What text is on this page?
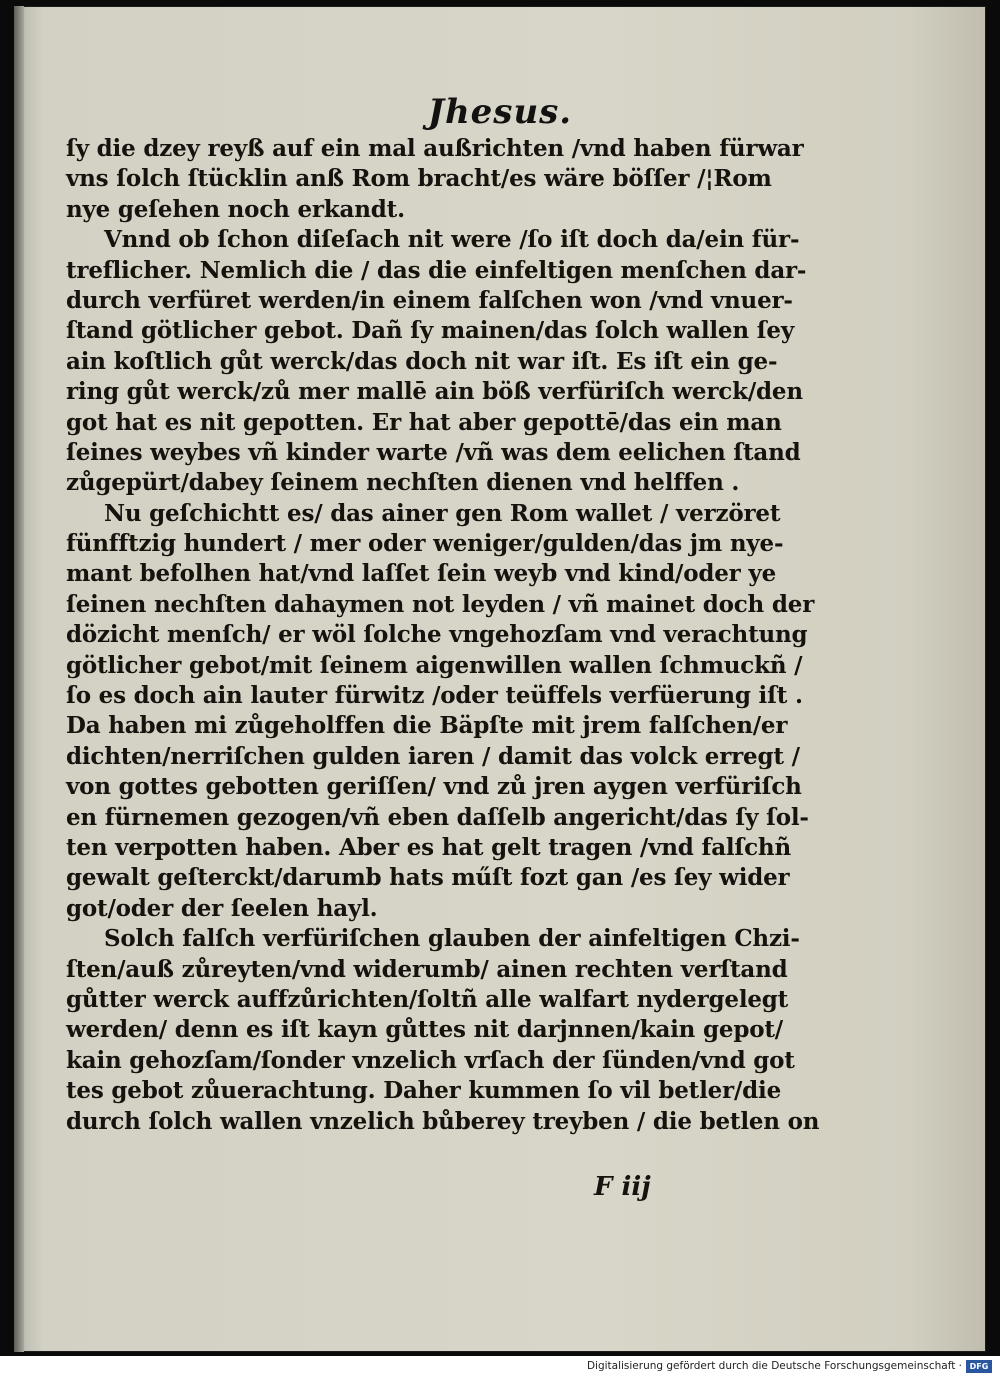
Jhesus.
ſy die dzey reyß auf ein mal außrichten /vnd haben fürwar
vns ſolch ſtücklin anß Rom bracht/es wäre böſſer /¦Rom
nye geſehen noch erkandt.
Vnnd ob ſchon diſeſach nit were /ſo iſt doch da/ein für-
treflicher. Nemlich die / das die einfeltigen menſchen dar-
durch verfüret werden/in einem falſchen won /vnd vnuer-
ſtand götlicher gebot. Dañ ſy mainen/das ſolch wallen ſey
ain koſtlich gůt werck/das doch nit war iſt. Es iſt ein ge-
ring gůt werck/zů mer mallē ain böß verfüriſch werck/den
got hat es nit gepotten. Er hat aber gepottē/das ein man
ſeines weybes vñ kinder warte /vñ was dem eelichen ſtand
zůgepürt/dabey ſeinem nechſten dienen vnd helffen .
Nu geſchichtt es/ das ainer gen Rom wallet / verzöret
fünfftzig hundert / mer oder weniger/gulden/das jm nye-
mant befolhen hat/vnd laſſet ſein weyb vnd kind/oder ye
ſeinen nechſten dahaymen not leyden / vñ mainet doch der
dözicht menſch/ er wöl ſolche vngehozſam vnd verachtung
götlicher gebot/mit ſeinem aigenwillen wallen ſchmuckñ /
ſo es doch ain lauter fürwitz /oder teüffels verfüerung iſt .
Da haben mi zůgeholffen die Bäpſte mit jrem falſchen/er
dichten/nerriſchen gulden iaren / damit das volck erregt /
von gottes gebotten geriſſen/ vnd zů jren aygen verfüriſch
en fürnemen gezogen/vñ eben daſſelb angericht/das ſy ſol-
ten verpotten haben. Aber es hat gelt tragen /vnd falſchñ
gewalt geſterckt/darumb hats műſt fozt gan /es ſey wider
got/oder der ſeelen hayl.
Solch falſch verfüriſchen glauben der ainfeltigen Chzi-
ſten/auß zůreyten/vnd widerumb/ ainen rechten verſtand
gůtter werck auffzůrichten/ſoltñ alle walfart nydergelegt
werden/ denn es iſt kayn gůttes nit darjnnen/kain gepot/
kain gehozſam/ſonder vnzelich vrſach der ſünden/vnd got
tes gebot zůuerachtung. Daher kummen ſo vil betler/die
durch ſolch wallen vnzelich bůberey treyben / die betlen on
F iij
Digitalisierung gefördert durch die Deutsche Forschungsgemeinschaft · DFG
